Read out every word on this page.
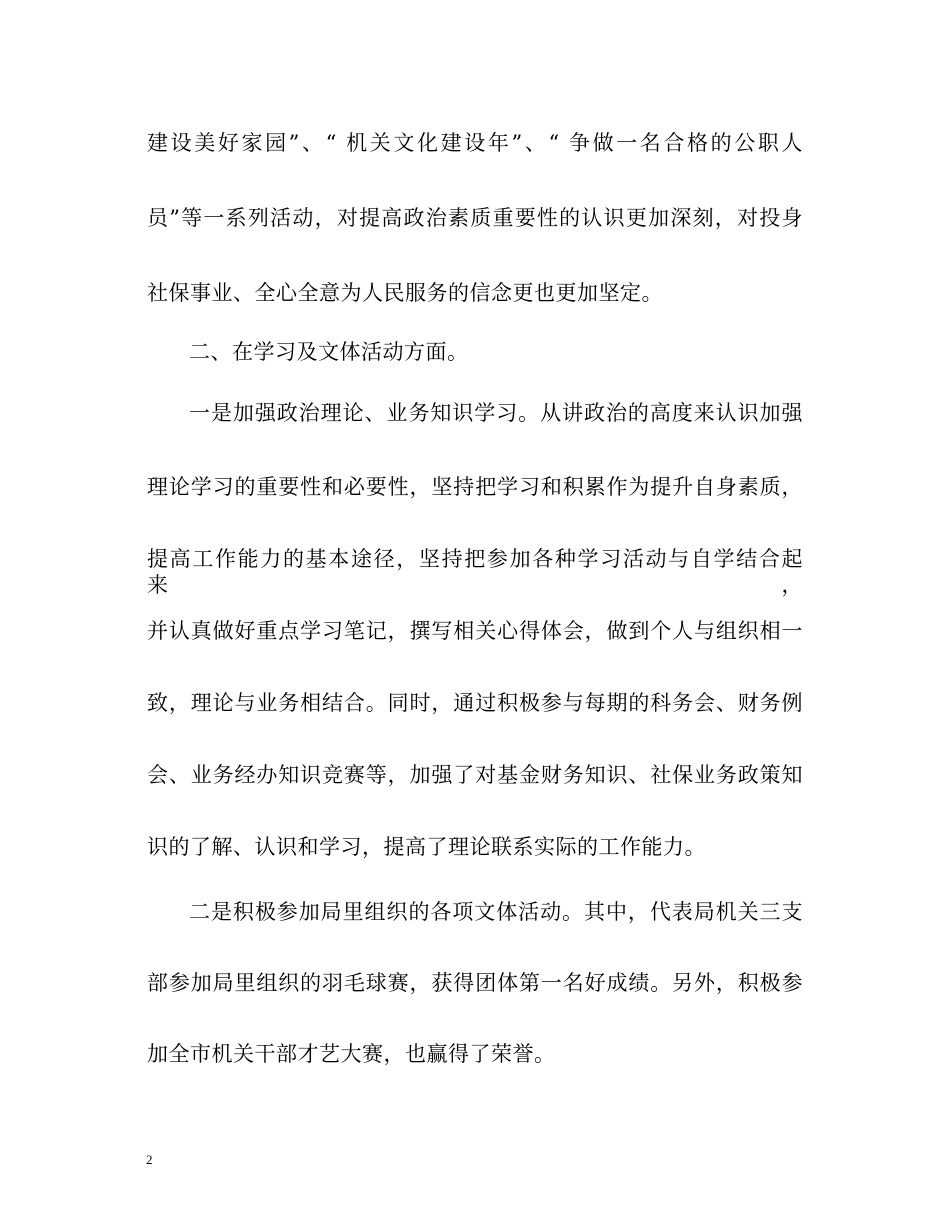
建设美好家园”、“ 机关文化建设年”、“ 争做一名合格的公职人
员”等一系列活动，对提高政治素质重要性的认识更加深刻，对投身
社保事业、全心全意为人民服务的信念更也更加坚定。
二、在学习及文体活动方面。
一是加强政治理论、业务知识学习。从讲政治的高度来认识加强
理论学习的重要性和必要性，坚持把学习和积累作为提升自身素质，
提高工作能力的基本途径，坚持把参加各种学习活动与自学结合起来，
并认真做好重点学习笔记，撰写相关心得体会，做到个人与组织相一
致，理论与业务相结合。同时，通过积极参与每期的科务会、财务例
会、业务经办知识竞赛等，加强了对基金财务知识、社保业务政策知
识的了解、认识和学习，提高了理论联系实际的工作能力。
二是积极参加局里组织的各项文体活动。其中，代表局机关三支
部参加局里组织的羽毛球赛，获得团体第一名好成绩。另外，积极参
加全市机关干部才艺大赛，也赢得了荣誉。
2
